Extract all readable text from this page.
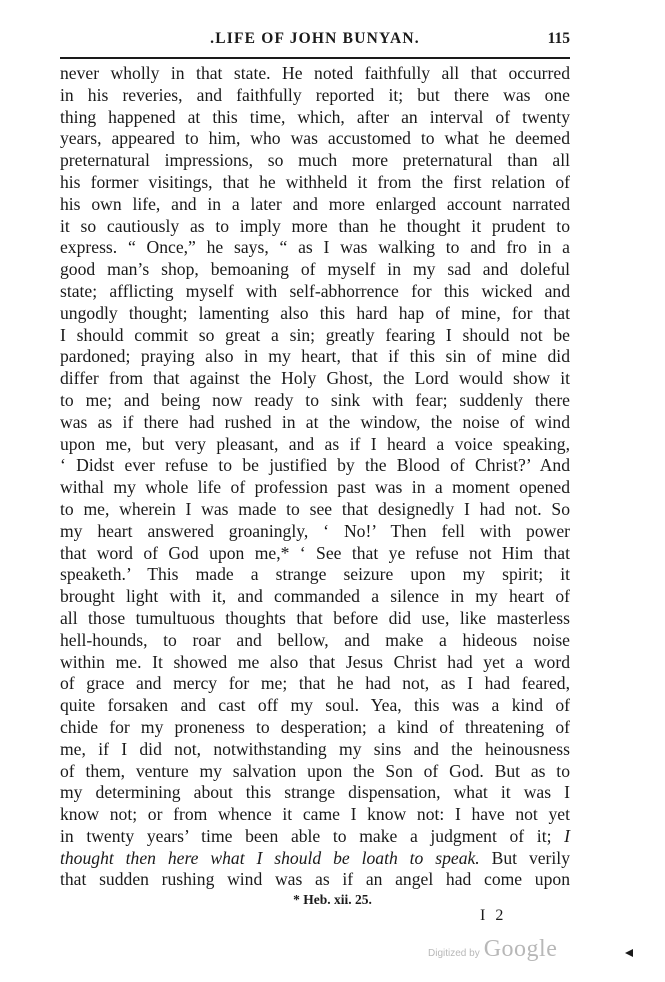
.LIFE OF JOHN BUNYAN.	115
never wholly in that state. He noted faithfully all that occurred
in his reveries, and faithfully reported it; but there was one
thing happened at this time, which, after an interval of twenty
years, appeared to him, who was accustomed to what he deemed
preternatural impressions, so much more preternatural than all
his former visitings, that he withheld it from the first relation of
his own life, and in a later and more enlarged account narrated
it so cautiously as to imply more than he thought it prudent to
express. “ Once,” he says, “ as I was walking to and fro in a
good man’s shop, bemoaning of myself in my sad and doleful
state; afflicting myself with self-abhorrence for this wicked and
ungodly thought; lamenting also this hard hap of mine, for that
I should commit so great a sin; greatly fearing I should not be
pardoned; praying also in my heart, that if this sin of mine did
differ from that against the Holy Ghost, the Lord would show it
to me; and being now ready to sink with fear; suddenly there
was as if there had rushed in at the window, the noise of wind
upon me, but very pleasant, and as if I heard a voice speaking,
‘ Didst ever refuse to be justified by the Blood of Christ?’ And
withal my whole life of profession past was in a moment opened
to me, wherein I was made to see that designedly I had not. So
my heart answered groaningly, ‘ No!’ Then fell with power
that word of God upon me,* ‘ See that ye refuse not Him that
speaketh.’ This made a strange seizure upon my spirit; it
brought light with it, and commanded a silence in my heart of
all those tumultuous thoughts that before did use, like masterless
hell-hounds, to roar and bellow, and make a hideous noise
within me. It showed me also that Jesus Christ had yet a word
of grace and mercy for me; that he had not, as I had feared,
quite forsaken and cast off my soul. Yea, this was a kind of
chide for my proneness to desperation; a kind of threatening of
me, if I did not, notwithstanding my sins and the heinousness
of them, venture my salvation upon the Son of God. But as to
my determining about this strange dispensation, what it was I
know not; or from whence it came I know not: I have not yet
in twenty years’ time been able to make a judgment of it; I
thought then here what I should be loath to speak. But verily
that sudden rushing wind was as if an angel had come upon
* Heb. xii. 25.
I 2
Digitized by Google
